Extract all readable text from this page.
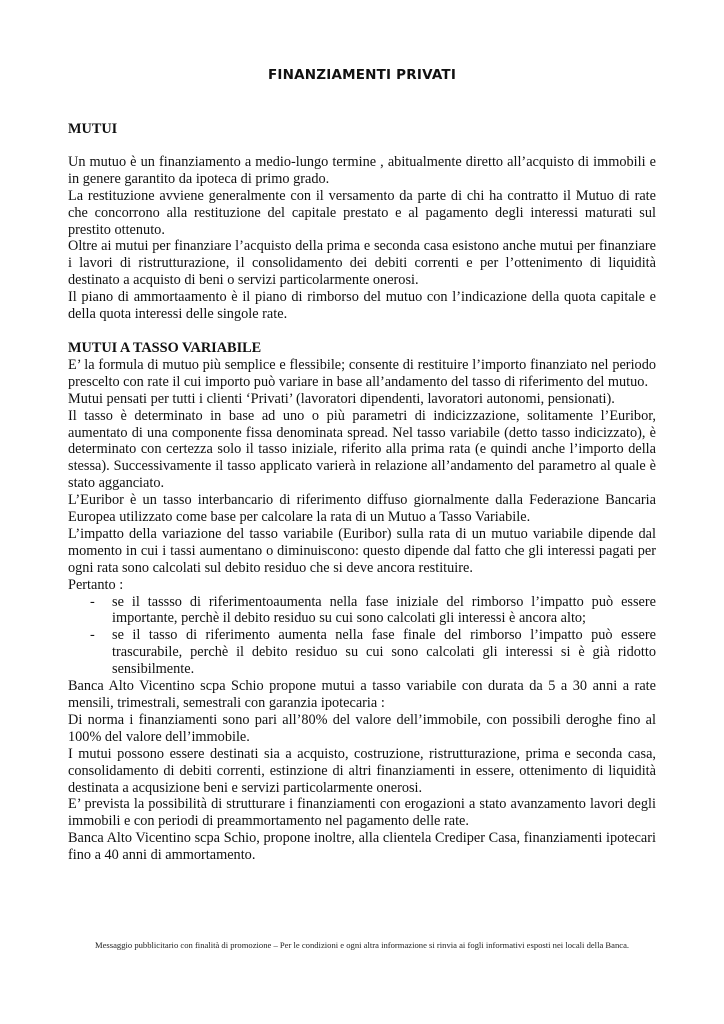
FINANZIAMENTI PRIVATI

MUTUI

Un mutuo è un finanziamento a medio-lungo termine , abitualmente diretto all’acquisto di immobili e in genere garantito da ipoteca di primo grado.

La restituzione avviene generalmente con il versamento da parte di chi ha contratto il Mutuo di rate che concorrono alla restituzione del capitale prestato e al pagamento degli interessi maturati sul prestito ottenuto.

Oltre ai mutui per finanziare l’acquisto della prima e seconda casa esistono anche mutui per finanziare i lavori di ristrutturazione, il consolidamento dei debiti correnti e per l’ottenimento di liquidità destinato a acquisto di beni o servizi particolarmente onerosi.

Il piano di ammortaamento è il piano di rimborso del mutuo con l’indicazione della quota capitale e della quota interessi delle singole rate.

MUTUI A TASSO VARIABILE

E’ la formula di mutuo più semplice e flessibile; consente di restituire l’importo finanziato nel periodo prescelto con rate il cui importo può variare in base all’andamento del tasso di riferimento del mutuo.

Mutui pensati per tutti i clienti ‘Privati’ (lavoratori dipendenti, lavoratori autonomi, pensionati).

Il tasso è determinato in base ad uno o più parametri di indicizzazione, solitamente l’Euribor, aumentato di una componente fissa denominata spread. Nel tasso variabile (detto tasso indicizzato), è determinato con certezza solo il tasso iniziale, riferito alla prima rata (e quindi anche l’importo della stessa). Successivamente il tasso applicato varierà in relazione all’andamento del parametro al quale è stato agganciato.

L’Euribor è un tasso interbancario di riferimento diffuso giornalmente dalla Federazione Bancaria Europea utilizzato come base per calcolare la rata di un Mutuo a Tasso Variabile.

L’impatto della variazione del tasso variabile (Euribor) sulla rata di un mutuo variabile dipende dal momento in cui i tassi aumentano o diminuiscono: questo dipende dal fatto che gli interessi pagati per ogni rata sono calcolati sul debito residuo che si deve ancora restituire.

Pertanto :

- se il tassso di riferimentoaumenta nella fase iniziale del rimborso l’impatto può essere importante, perchè il debito residuo su cui sono calcolati gli interessi è ancora alto;
- se il tasso di riferimento aumenta nella fase finale del rimborso l’impatto può essere trascurabile, perchè il debito residuo su cui sono calcolati gli interessi si è già ridotto sensibilmente.

Banca Alto Vicentino scpa Schio propone mutui a tasso variabile con durata da 5 a 30 anni a rate mensili, trimestrali, semestrali con garanzia ipotecaria :

Di norma i finanziamenti sono pari all’80% del valore dell’immobile, con possibili deroghe fino al 100% del valore dell’immobile.

I mutui possono essere destinati sia a acquisto, costruzione, ristrutturazione, prima e seconda casa, consolidamento di debiti correnti, estinzione di altri finanziamenti in essere, ottenimento di liquidità destinata a acqusizione beni e servizi particolarmente onerosi.

E’ prevista la possibilità di strutturare i finanziamenti con erogazioni a stato avanzamento lavori degli immobili e con periodi di preammortamento nel pagamento delle rate.

Banca Alto Vicentino scpa Schio, propone inoltre, alla clientela Crediper Casa, finanziamenti ipotecari fino a 40 anni di ammortamento.

Messaggio pubblicitario con finalità di promozione – Per le condizioni e ogni altra informazione si rinvia ai fogli informativi esposti nei locali della Banca.
